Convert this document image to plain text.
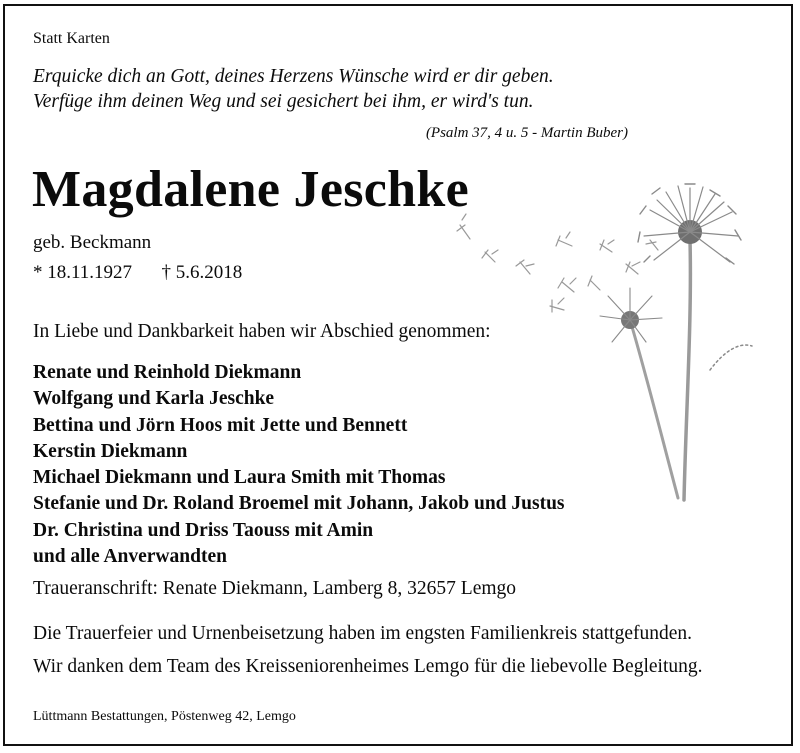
Statt Karten
Erquicke dich an Gott, deines Herzens Wünsche wird er dir geben.
Verfüge ihm deinen Weg und sei gesichert bei ihm, er wird's tun.
(Psalm 37, 4 u. 5 - Martin Buber)
Magdalene Jeschke
geb. Beckmann
* 18.11.1927 † 5.6.2018
In Liebe und Dankbarkeit haben wir Abschied genommen:
Renate und Reinhold Diekmann
Wolfgang und Karla Jeschke
Bettina und Jörn Hoos mit Jette und Bennett
Kerstin Diekmann
Michael Diekmann und Laura Smith mit Thomas
Stefanie und Dr. Roland Broemel mit Johann, Jakob und Justus
Dr. Christina und Driss Taouss mit Amin
und alle Anverwandten
Traueranschrift: Renate Diekmann, Lamberg 8, 32657 Lemgo
Die Trauerfeier und Urnenbeisetzung haben im engsten Familienkreis stattgefunden.
Wir danken dem Team des Kreisseniorenheimes Lemgo für die liebevolle Begleitung.
Lüttmann Bestattungen, Pöstenweg 42, Lemgo
